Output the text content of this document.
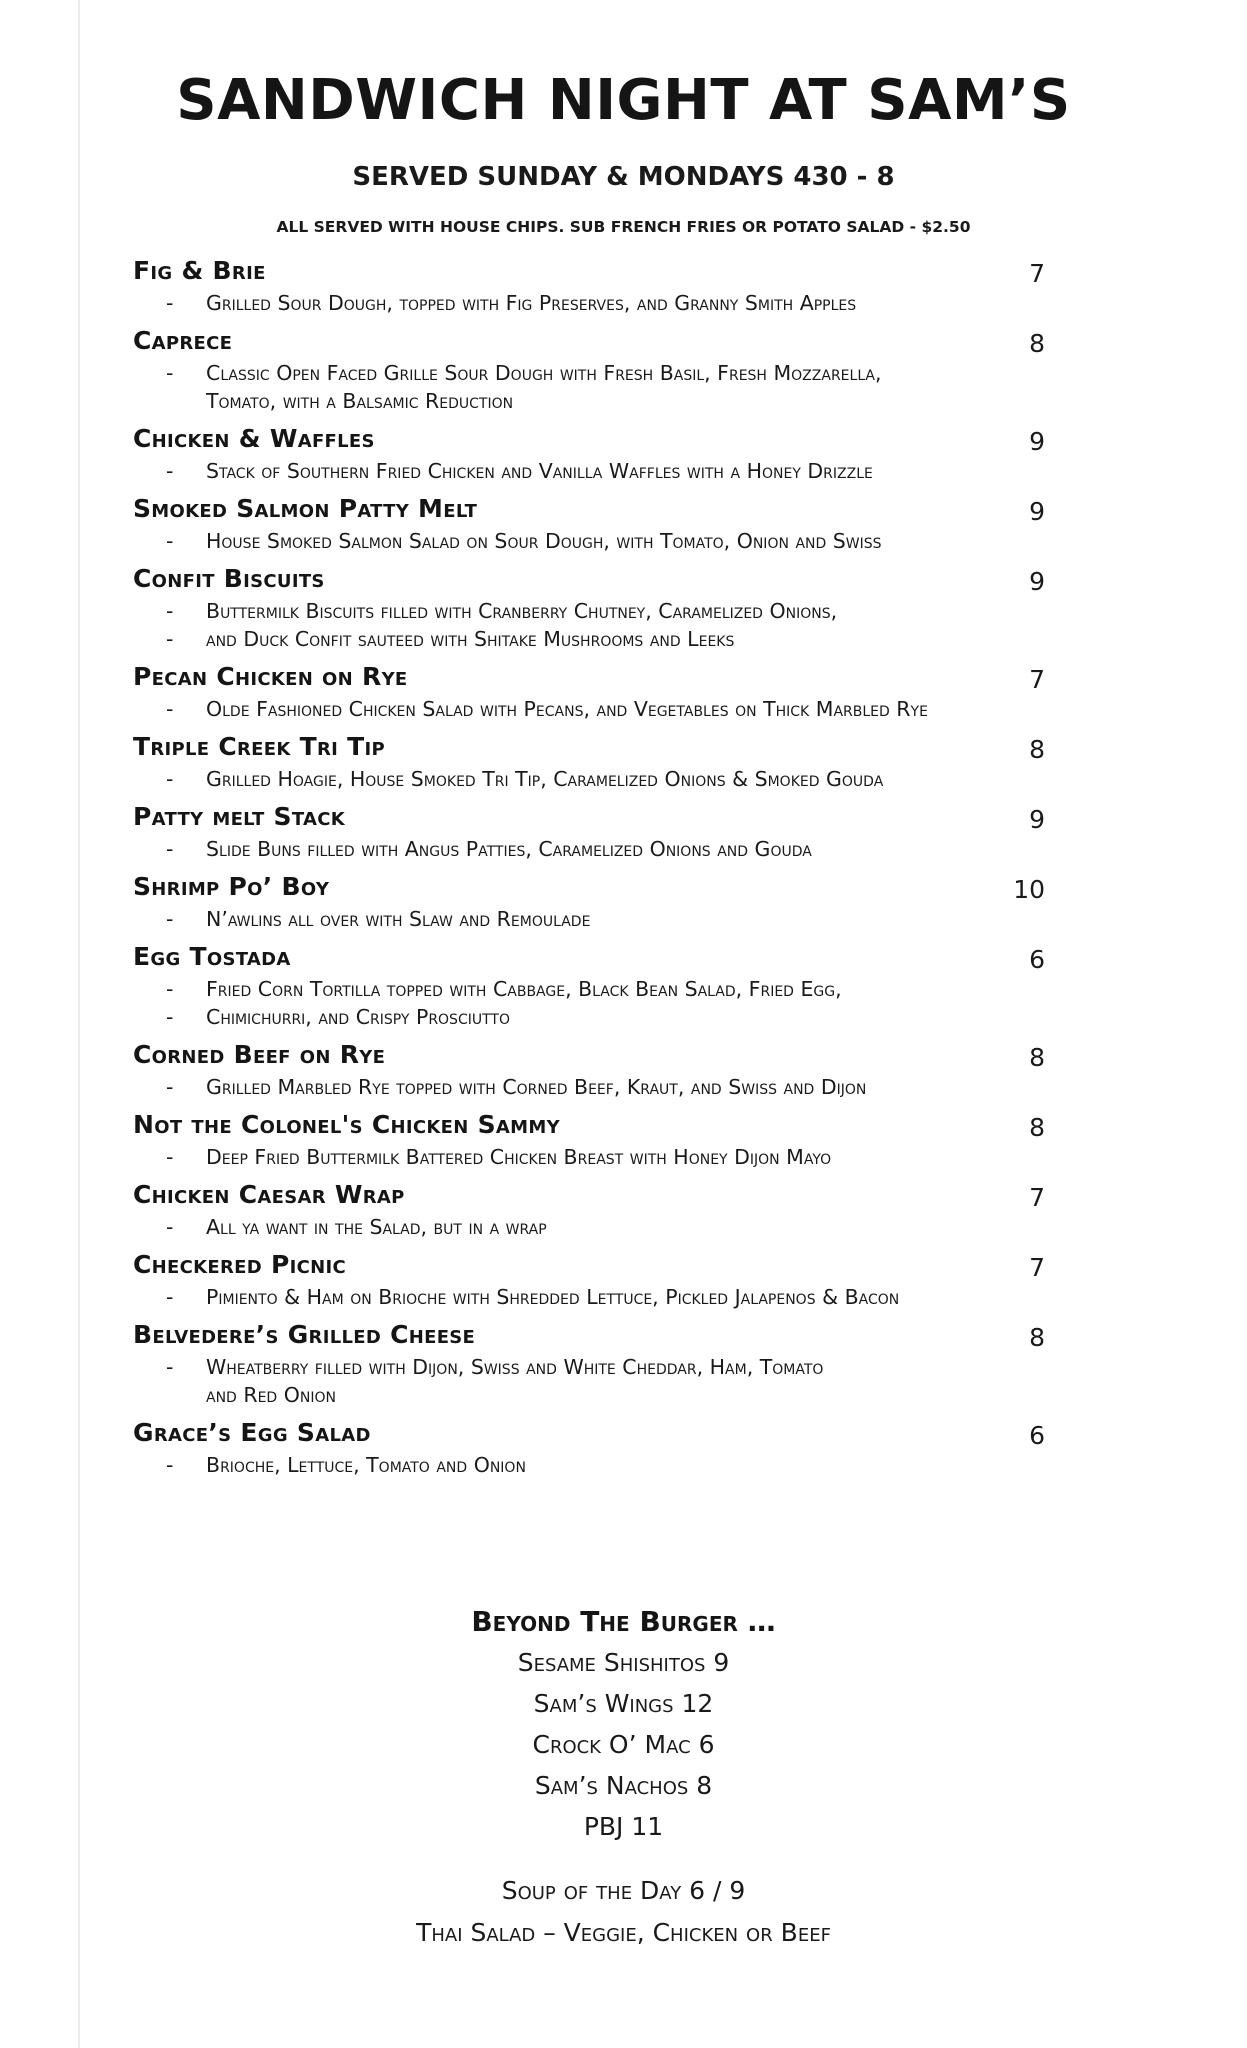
SANDWICH NIGHT AT SAM’S
SERVED SUNDAY & MONDAYS 430 - 8
ALL SERVED WITH HOUSE CHIPS. SUB FRENCH FRIES OR POTATO SALAD - $2.50
Fig & Brie	7
- Grilled Sour Dough, topped with Fig Preserves, and Granny Smith Apples
Caprece	8
- Classic Open Faced Grille Sour Dough with Fresh Basil, Fresh Mozzarella,
Tomato, with a Balsamic Reduction
Chicken & Waffles	9
- Stack of Southern Fried Chicken and Vanilla Waffles with a Honey Drizzle
Smoked Salmon Patty Melt	9
- House Smoked Salmon Salad on Sour Dough, with Tomato, Onion and Swiss
Confit Biscuits	9
- Buttermilk Biscuits filled with Cranberry Chutney, Caramelized Onions,
- and Duck Confit sauteed with Shitake Mushrooms and Leeks
Pecan Chicken on Rye	7
- Olde Fashioned Chicken Salad with Pecans, and Vegetables on Thick Marbled Rye
Triple Creek Tri Tip	8
- Grilled Hoagie, House Smoked Tri Tip, Caramelized Onions & Smoked Gouda
Patty melt Stack	9
- Slide Buns filled with Angus Patties, Caramelized Onions and Gouda
Shrimp Po’ Boy	10
- N’awlins all over with Slaw and Remoulade
Egg Tostada	6
- Fried Corn Tortilla topped with Cabbage, Black Bean Salad, Fried Egg,
- Chimichurri, and Crispy Prosciutto
Corned Beef on Rye	8
- Grilled Marbled Rye topped with Corned Beef, Kraut, and Swiss and Dijon
Not the Colonel's Chicken Sammy	8
- Deep Fried Buttermilk Battered Chicken Breast with Honey Dijon Mayo
Chicken Caesar Wrap	7
- All ya want in the Salad, but in a wrap
Checkered Picnic	7
- Pimiento & Ham on Brioche with Shredded Lettuce, Pickled Jalapenos & Bacon
Belvedere’s Grilled Cheese	8
- Wheatberry filled with Dijon, Swiss and White Cheddar, Ham, Tomato
and Red Onion
Grace’s Egg Salad	6
- Brioche, Lettuce, Tomato and Onion
Beyond The Burger …
Sesame Shishitos 9
Sam’s Wings 12
Crock O’ Mac 6
Sam’s Nachos 8
PBJ 11
Soup of the Day 6 / 9
Thai Salad – Veggie, Chicken or Beef
